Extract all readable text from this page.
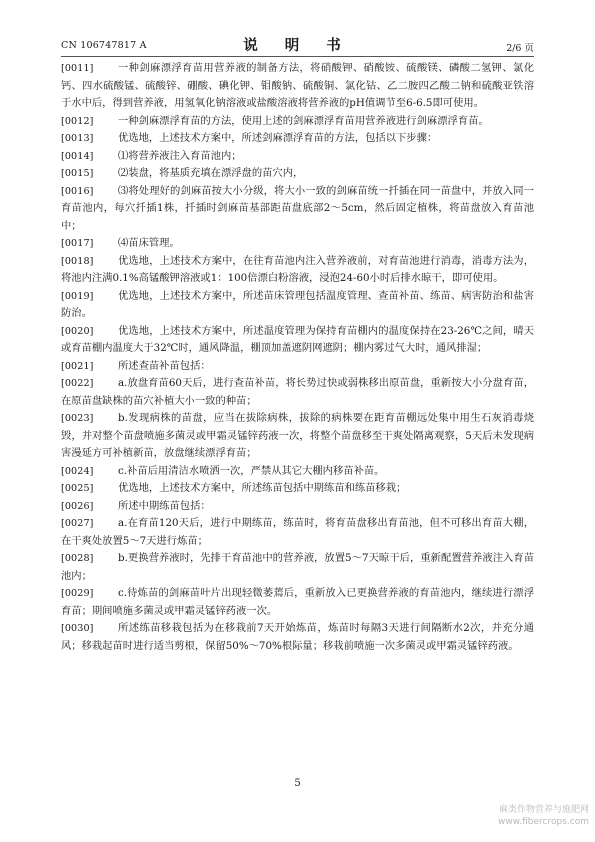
CN 106747817 A	说 明 书	2/6 页
[0011]	一种剑麻漂浮育苗用营养液的制备方法，将硝酸钾、硝酸铵、硫酸镁、磷酸二氢钾、氯化钙、四水硫酸锰、硫酸锌、硼酸、碘化钾、钼酸钠、硫酸铜、氯化钴、乙二胺四乙酸二钠和硫酸亚铁溶于水中后，得到营养液，用氢氧化钠溶液或盐酸溶液将营养液的pH值调节至6-6.5即可使用。
[0012]	一种剑麻漂浮育苗的方法，使用上述的剑麻漂浮育苗用营养液进行剑麻漂浮育苗。
[0013]	优选地，上述技术方案中，所述剑麻漂浮育苗的方法，包括以下步骤：
[0014]	⑴将营养液注入育苗池内；
[0015]	⑵装盘，将基质充填在漂浮盘的苗穴内，
[0016]	⑶将处理好的剑麻苗按大小分级，将大小一致的剑麻苗统一扦插在同一苗盘中，并放入同一育苗池内，每穴扦插1株，扦插时剑麻苗基部距苗盘底部2～5cm，然后固定植株，将苗盘放入育苗池中；
[0017]	⑷苗床管理。
[0018]	优选地，上述技术方案中，在往育苗池内注入营养液前，对育苗池进行消毒，消毒方法为，将池内注满0.1%高锰酸钾溶液或1：100倍漂白粉溶液，浸泡24-60小时后排水晾干，即可使用。
[0019]	优选地，上述技术方案中，所述苗床管理包括温度管理、查苗补苗、练苗、病害防治和盐害防治。
[0020]	优选地，上述技术方案中，所述温度管理为保持育苗棚内的温度保持在23-26℃之间，晴天或育苗棚内温度大于32℃时，通风降温，棚顶加盖遮阴网遮阴；棚内雾过气大时，通风排湿；
[0021]	所述查苗补苗包括：
[0022]	a.放盘育苗60天后，进行查苗补苗，将长势过快或弱株移出原苗盘，重新按大小分盘育苗，在原苗盘缺株的苗穴补植大小一致的种苗；
[0023]	b.发现病株的苗盘，应当在拔除病株，拔除的病株要在距育苗棚远处集中用生石灰消毒烧毁，并对整个苗盘喷施多菌灵或甲霜灵锰锌药液一次，将整个苗盘移至干爽处隔离观察，5天后未发现病害漫延方可补植新苗，放盘继续漂浮育苗；
[0024]	c.补苗后用清洁水喷洒一次，严禁从其它大棚内移苗补苗。
[0025]	优选地，上述技术方案中，所述练苗包括中期练苗和练苗移栽；
[0026]	所述中期练苗包括：
[0027]	a.在育苗120天后，进行中期练苗，练苗时，将育苗盘移出育苗池，但不可移出育苗大棚，在干爽处放置5～7天进行炼苗；
[0028]	b.更换营养液时，先排干育苗池中的营养液，放置5～7天晾干后，重新配置营养液注入育苗池内；
[0029]	c.待炼苗的剑麻苗叶片出现轻微萎蔫后，重新放入已更换营养液的育苗池内，继续进行漂浮育苗；期间喷施多菌灵或甲霜灵锰锌药液一次。
[0030]	所述练苗移栽包括为在移栽前7天开始炼苗，炼苗时每隔3天进行间隔断水2次，并充分通风；移栽起苗时进行适当剪根，保留50%～70%根际量；移栽前喷施一次多菌灵或甲霜灵锰锌药液。
5
麻类作物营养与施肥网
www.fibercrops.com
